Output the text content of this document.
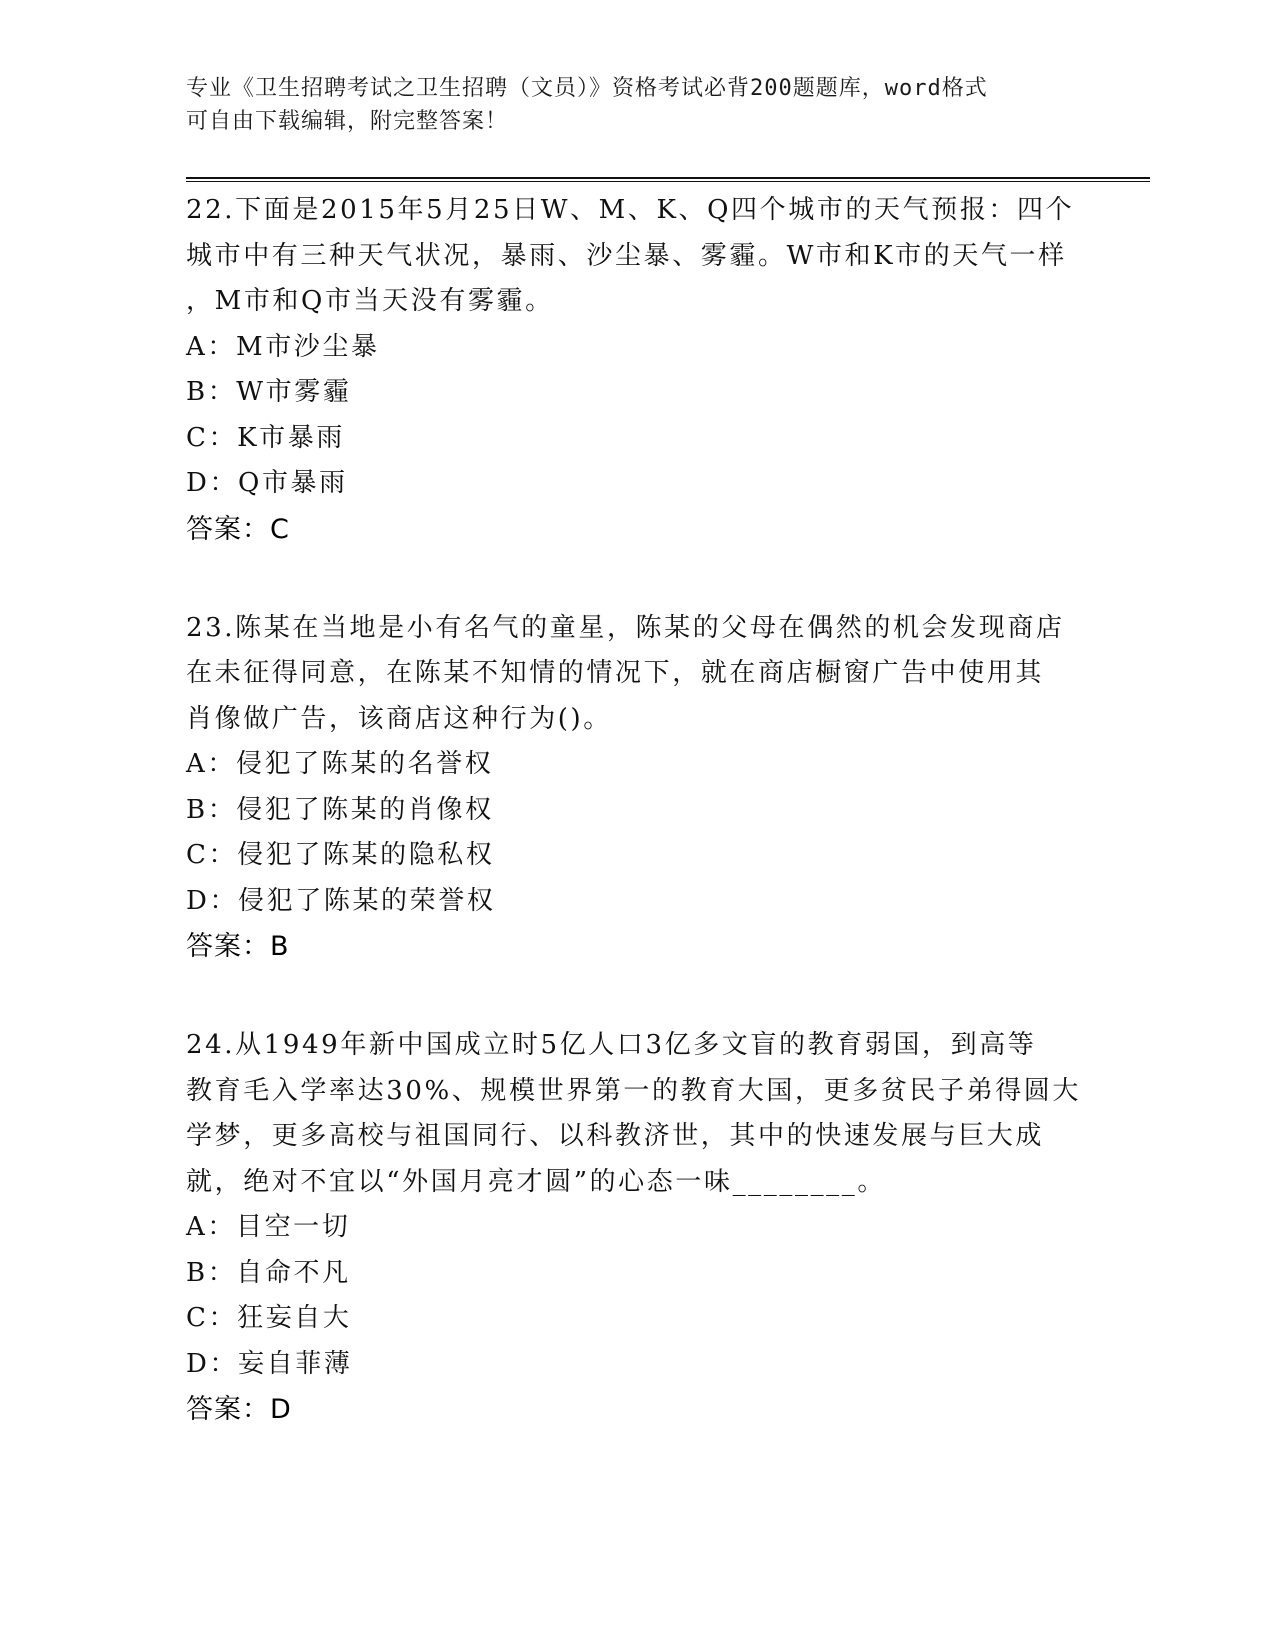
专业《卫生招聘考试之卫生招聘（文员）》资格考试必背200题题库，word格式
可自由下载编辑，附完整答案！
22.下面是2015年5月25日W、M、K、Q四个城市的天气预报：四个
城市中有三种天气状况，暴雨、沙尘暴、雾霾。W市和K市的天气一样
，M市和Q市当天没有雾霾。
A：M市沙尘暴
B：W市雾霾
C：K市暴雨
D：Q市暴雨
答案：C
23.陈某在当地是小有名气的童星，陈某的父母在偶然的机会发现商店
在未征得同意，在陈某不知情的情况下，就在商店橱窗广告中使用其
肖像做广告，该商店这种行为()。
A：侵犯了陈某的名誉权
B：侵犯了陈某的肖像权
C：侵犯了陈某的隐私权
D：侵犯了陈某的荣誉权
答案：B
24.从1949年新中国成立时5亿人口3亿多文盲的教育弱国，到高等
教育毛入学率达30%、规模世界第一的教育大国，更多贫民子弟得圆大
学梦，更多高校与祖国同行、以科教济世，其中的快速发展与巨大成
就，绝对不宜以“外国月亮才圆”的心态一味________。
A：目空一切
B：自命不凡
C：狂妄自大
D：妄自菲薄
答案：D
